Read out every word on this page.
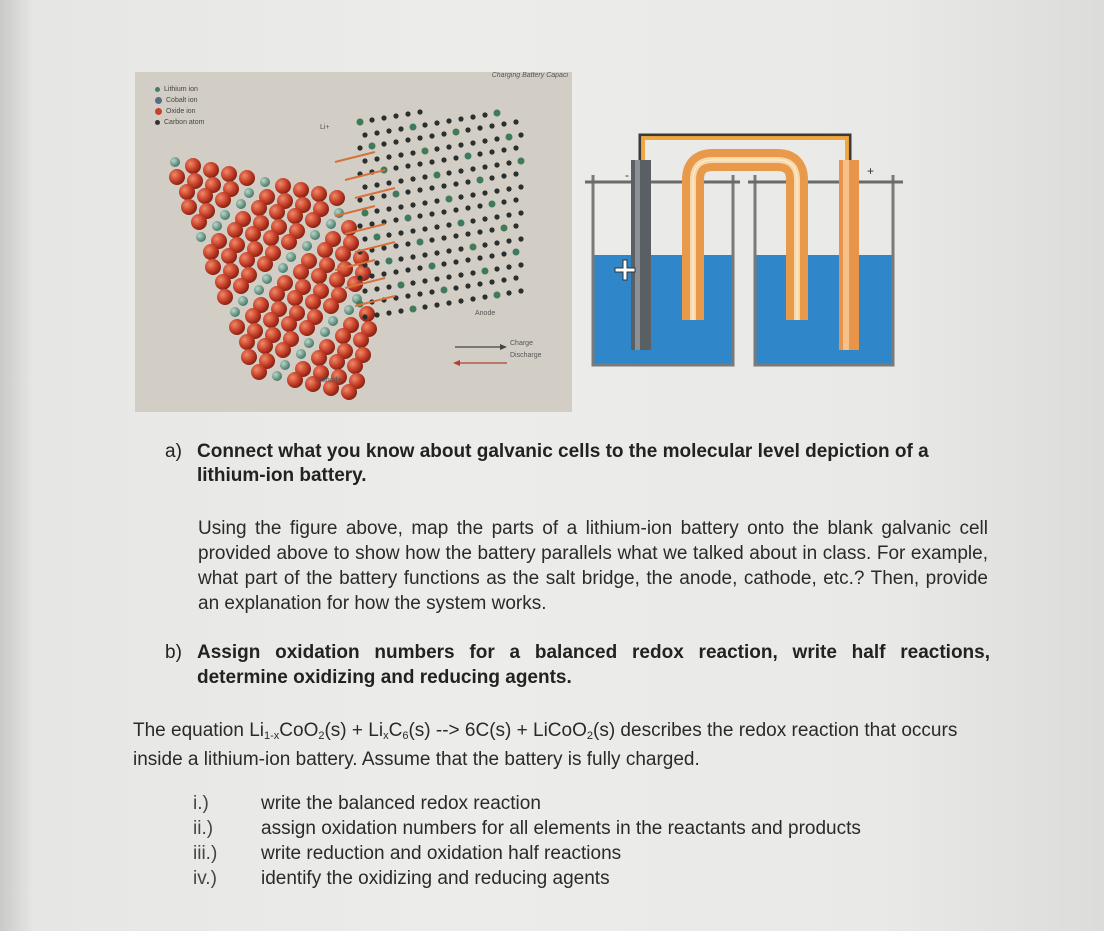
Lithium ion
Cobalt ion
Oxide ion
Carbon atom
Charging Battery Capaci
Li+
Anode
Cathode
Charge
Discharge
-	+
a) Connect what you know about galvanic cells to the molecular level depiction of a lithium-ion battery.
Using the figure above, map the parts of a lithium-ion battery onto the blank galvanic cell provided above to show how the battery parallels what we talked about in class. For example, what part of the battery functions as the salt bridge, the anode, cathode, etc.? Then, provide an explanation for how the system works.
b) Assign oxidation numbers for a balanced redox reaction, write half reactions, determine oxidizing and reducing agents.
The equation $Li_{1-x}CoO_2(s) + Li_xC_6(s)$ --> 6C(s) + LiCoO$_2$(s) describes the redox reaction that occurs inside a lithium-ion battery. Assume that the battery is fully charged.
i.)	write the balanced redox reaction
ii.)	assign oxidation numbers for all elements in the reactants and products
iii.)	write reduction and oxidation half reactions
iv.)	identify the oxidizing and reducing agents
